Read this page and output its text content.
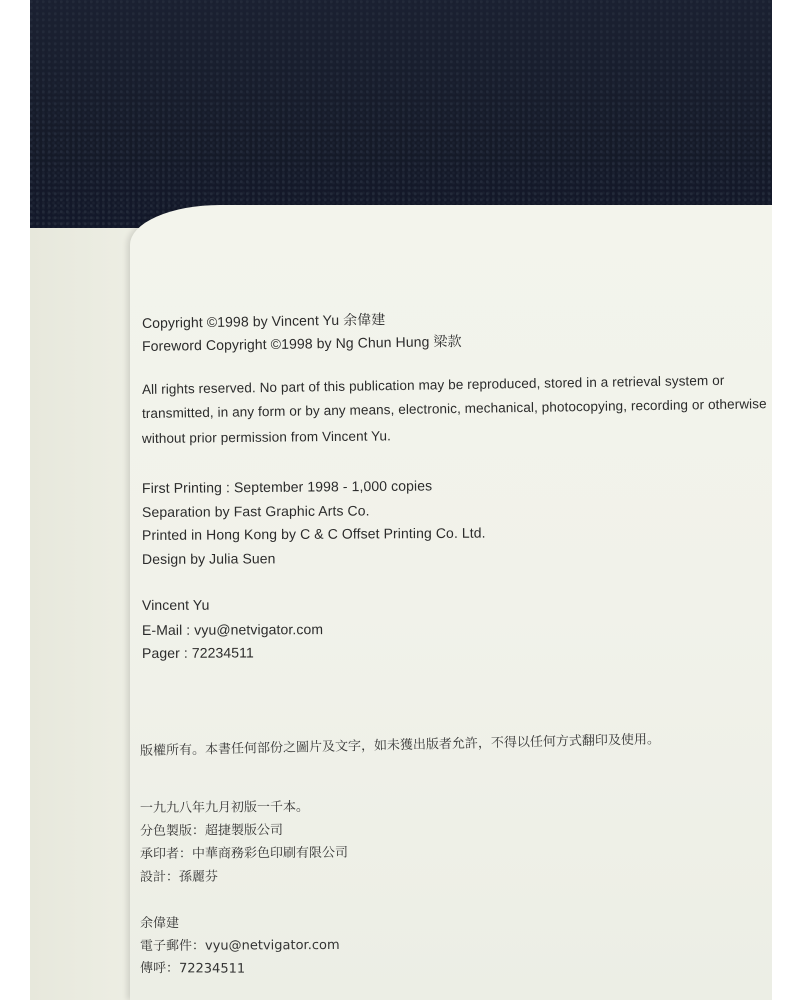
Copyright ©1998 by Vincent Yu 余偉建

Foreword Copyright ©1998 by Ng Chun Hung 梁款

All rights reserved. No part of this publication may be reproduced, stored in a retrieval system or

transmitted, in any form or by any means, electronic, mechanical, photocopying, recording or otherwise

without prior permission from Vincent Yu.

First Printing : September 1998 - 1,000 copies

Separation by Fast Graphic Arts Co.

Printed in Hong Kong by C & C Offset Printing Co. Ltd.

Design by Julia Suen

Vincent Yu

E-Mail : vyu@netvigator.com

Pager : 72234511

版權所有。本書任何部份之圖片及文字，如未獲出版者允許，不得以任何方式翻印及使用。

一九九八年九月初版一千本。

分色製版：超捷製版公司

承印者：中華商務彩色印刷有限公司

設計：孫麗芬

余偉建

電子郵件：vyu@netvigator.com

傳呼：72234511
